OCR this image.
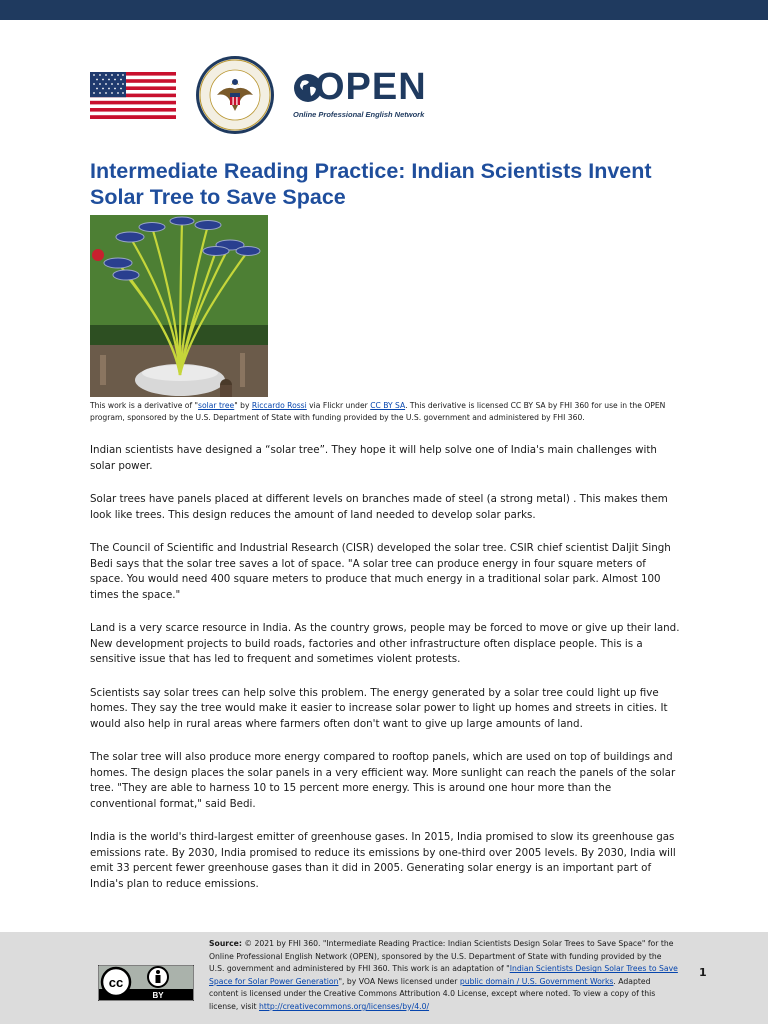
OPEN
Online Professional English Network
Intermediate Reading Practice: Indian Scientists Invent Solar Tree to Save Space

This work is a derivative of "solar tree" by Riccardo Rossi via Flickr under CC BY SA. This derivative is licensed CC BY SA by FHI 360 for use in the OPEN program, sponsored by the U.S. Department of State with funding provided by the U.S. government and administered by FHI 360.

Indian scientists have designed a “solar tree”. They hope it will help solve one of India's main challenges with solar power.

Solar trees have panels placed at different levels on branches made of steel (a strong metal) . This makes them look like trees. This design reduces the amount of land needed to develop solar parks.

The Council of Scientific and Industrial Research (CISR) developed the solar tree. CSIR chief scientist Daljit Singh Bedi says that the solar tree saves a lot of space. "A solar tree can produce energy in four square meters of space. You would need 400 square meters to produce that much energy in a traditional solar park. Almost 100 times the space."

Land is a very scarce resource in India. As the country grows, people may be forced to move or give up their land. New development projects to build roads, factories and other infrastructure often displace people. This is a sensitive issue that has led to frequent and sometimes violent protests.

Scientists say solar trees can help solve this problem. The energy generated by a solar tree could light up five homes. They say the tree would make it easier to increase solar power to light up homes and streets in cities. It would also help in rural areas where farmers often don't want to give up large amounts of land.

The solar tree will also produce more energy compared to rooftop panels, which are used on top of buildings and homes. The design places the solar panels in a very efficient way. More sunlight can reach the panels of the solar tree. "They are able to harness 10 to 15 percent more energy. This is around one hour more than the conventional format," said Bedi.

India is the world's third-largest emitter of greenhouse gases. In 2015, India promised to slow its greenhouse gas emissions rate. By 2030, India promised to reduce its emissions by one-third over 2005 levels. By 2030, India will emit 33 percent fewer greenhouse gases than it did in 2005. Generating solar energy is an important part of India's plan to reduce emissions.

cc
BY

Source: © 2021 by FHI 360. "Intermediate Reading Practice: Indian Scientists Design Solar Trees to Save Space" for the Online Professional English Network (OPEN), sponsored by the U.S. Department of State with funding provided by the U.S. government and administered by FHI 360. This work is an adaptation of "Indian Scientists Design Solar Trees to Save Space for Solar Power Generation", by VOA News licensed under public domain / U.S. Government Works. Adapted content is licensed under the Creative Commons Attribution 4.0 License, except where noted. To view a copy of this license, visit http://creativecommons.org/licenses/by/4.0/

1
